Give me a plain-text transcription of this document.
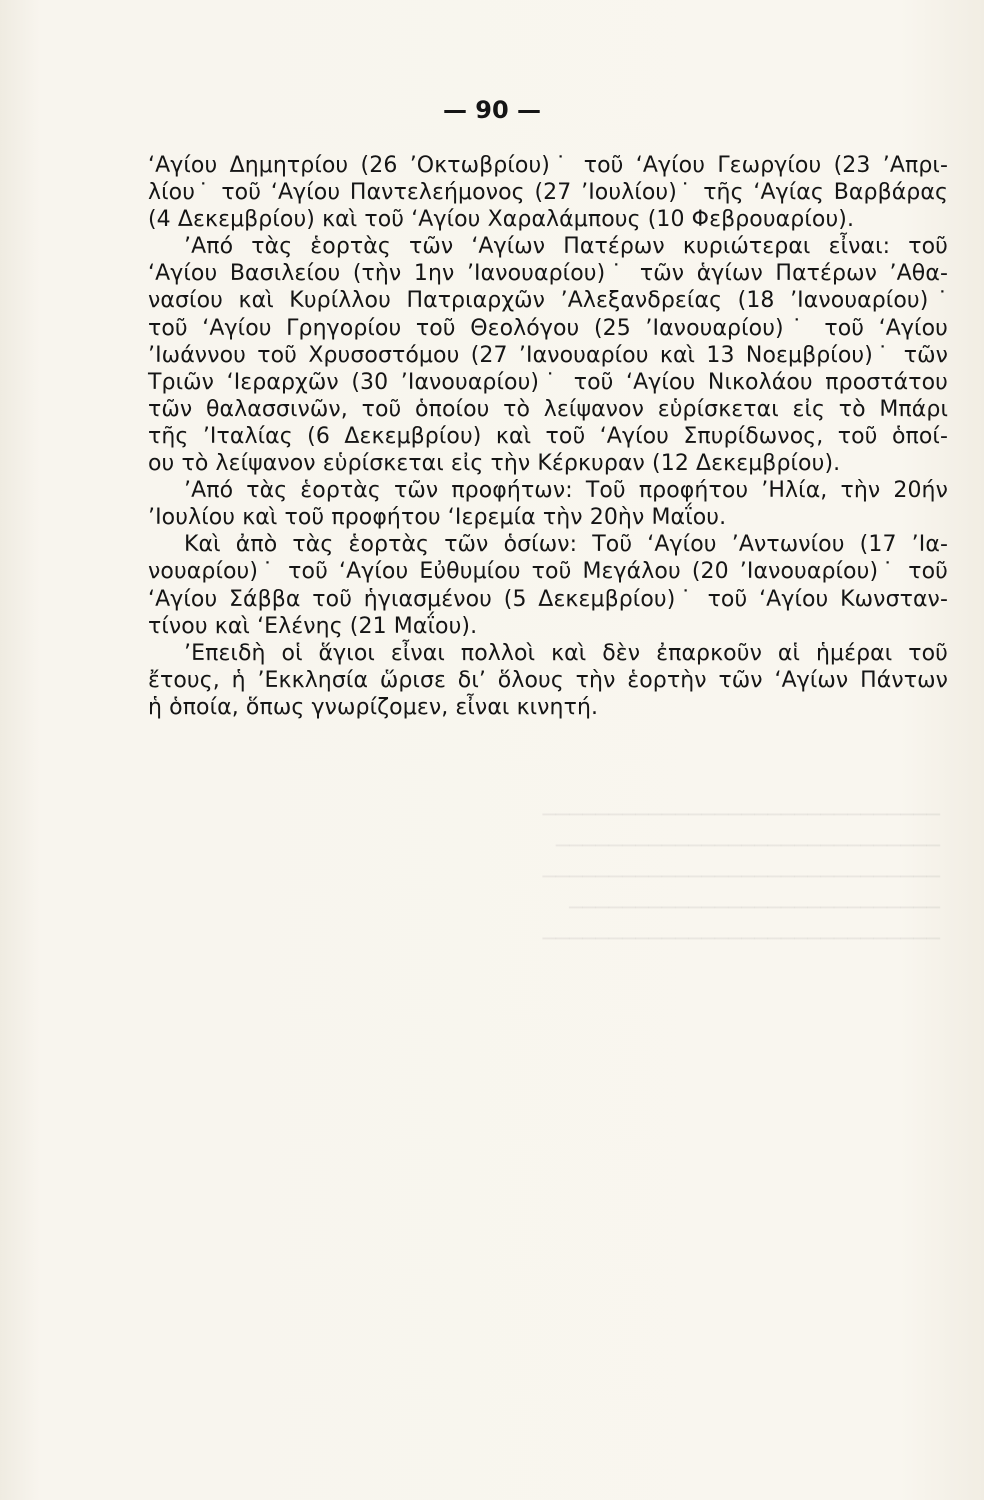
──────────────────────────────
─────────────────────────────
──────────────────────────────
────────────────────────────
──────────────────────────────
— 90 —
‘Αγίου Δημητρίου (26 ’Οκτωβρίου)˙ τοῦ ‘Αγίου Γεωργίου (23 ’Απρι-
λίου˙ τοῦ ‘Αγίου Παντελεήμονος (27 ’Ιουλίου)˙ τῆς ‘Αγίας Βαρβάρας
(4 Δεκεμβρίου) καὶ τοῦ ‘Αγίου Χαραλάμπους (10 Φεβρουαρίου).
’Από τὰς ἑορτὰς τῶν ‘Αγίων Πατέρων κυριώτεραι εἶναι: τοῦ
‘Αγίου Βασιλείου (τὴν 1ην ’Ιανουαρίου)˙ τῶν ἁγίων Πατέρων ’Αθα-
νασίου καὶ Κυρίλλου Πατριαρχῶν ’Αλεξανδρείας (18 ’Ιανουαρίου)˙
τοῦ ‘Αγίου Γρηγορίου τοῦ Θεολόγου (25 ’Ιανουαρίου)˙ τοῦ ‘Αγίου
’Ιωάννου τοῦ Χρυσοστόμου (27 ’Ιανουαρίου καὶ 13 Νοεμβρίου)˙ τῶν
Τριῶν ‘Ιεραρχῶν (30 ’Ιανουαρίου)˙ τοῦ ‘Αγίου Νικολάου προστάτου
τῶν θαλασσινῶν, τοῦ ὁποίου τὸ λείψανον εὑρίσκεται εἰς τὸ Μπάρι
τῆς ’Ιταλίας (6 Δεκεμβρίου) καὶ τοῦ ‘Αγίου Σπυρίδωνος, τοῦ ὁποί-
ου τὸ λείψανον εὑρίσκεται εἰς τὴν Κέρκυραν (12 Δεκεμβρίου).
’Από τὰς ἑορτὰς τῶν προφήτων: Τοῦ προφήτου ’Ηλία, τὴν 20ήν
’Ιουλίου καὶ τοῦ προφήτου ‘Ιερεμία τὴν 20ὴν Μαΐου.
Καὶ ἀπὸ τὰς ἑορτὰς τῶν ὁσίων: Τοῦ ‘Αγίου ’Αντωνίου (17 ’Ια-
νουαρίου)˙ τοῦ ‘Αγίου Εὐθυμίου τοῦ Μεγάλου (20 ’Ιανουαρίου)˙ τοῦ
‘Αγίου Σάββα τοῦ ἡγιασμένου (5 Δεκεμβρίου)˙ τοῦ ‘Αγίου Κωνσταν-
τίνου καὶ ‘Ελένης (21 Μαΐου).
’Επειδὴ οἱ ἅγιοι εἶναι πολλοὶ καὶ δὲν ἐπαρκοῦν αἱ ἡμέραι τοῦ
ἔτους, ἡ ’Εκκλησία ὥρισε δι’ ὅλους τὴν ἑορτὴν τῶν ‘Αγίων Πάντων
ἡ ὁποία, ὅπως γνωρίζομεν, εἶναι κινητή.
